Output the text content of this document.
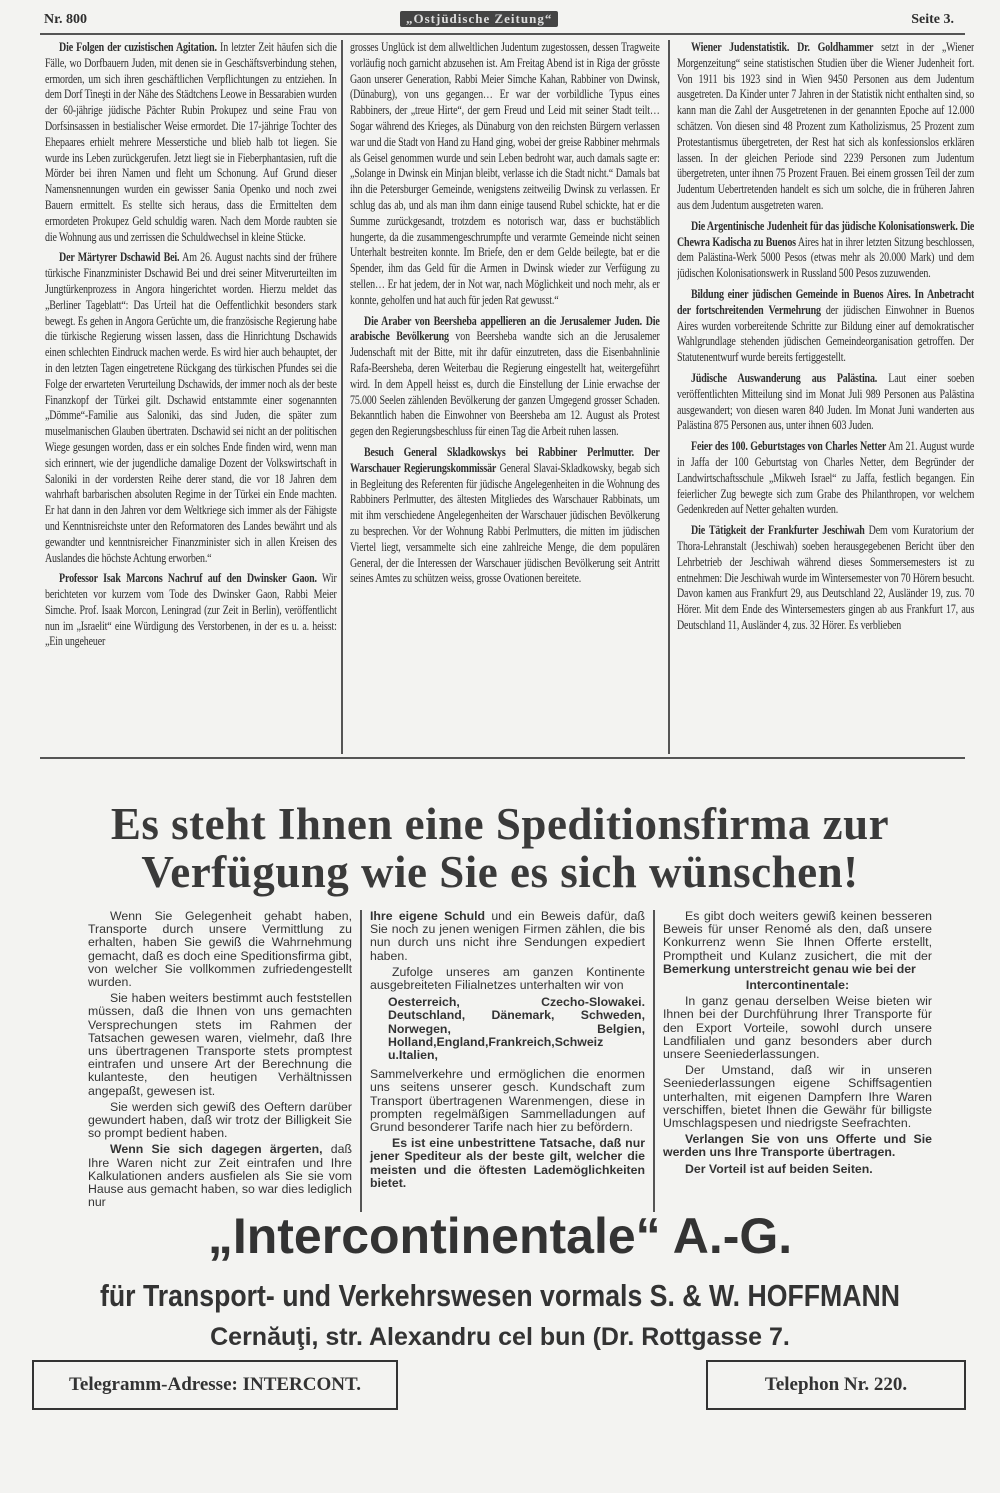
Nr. 800	„Ostjüdische Zeitung“	Seite 3.

Die Folgen der cuzistischen Agitation. In letzter Zeit häufen sich die Fälle, wo Dorfbauern Juden, mit denen sie in Geschäftsverbindung stehen, ermorden, um sich ihren geschäftlichen Verpflichtungen zu entziehen. In dem Dorf Tineşti in der Nähe des Städtchens Leowe in Bessarabien wurden der 60-jährige jüdische Pächter Rubin Prokupez und seine Frau von Dorfsinsassen in bestialischer Weise ermordet. Die 17-jährige Tochter des Ehepaares erhielt mehrere Messerstiche und blieb halb tot liegen. Sie wurde ins Leben zurückgerufen. Jetzt liegt sie in Fieberphantasien, ruft die Mörder bei ihren Namen und fleht um Schonung. Auf Grund dieser Namensnennungen wurden ein gewisser Sania Openko und noch zwei Bauern ermittelt. Es stellte sich heraus, dass die Ermittelten dem ermordeten Prokupez Geld schuldig waren. Nach dem Morde raubten sie die Wohnung aus und zerrissen die Schuldwechsel in kleine Stücke.

Der Märtyrer Dschawid Bei. Am 26. August nachts sind der frühere türkische Finanzminister Dschawid Bei und drei seiner Mitverurteilten im Jungtürkenprozess in Angora hingerichtet worden. Hierzu meldet das „Berliner Tageblatt“: Das Urteil hat die Oeffentlichkit besonders stark bewegt. Es gehen in Angora Gerüchte um, die französische Regierung habe die türkische Regierung wissen lassen, dass die Hinrichtung Dschawids einen schlechten Eindruck machen werde. Es wird hier auch behauptet, der in den letzten Tagen eingetretene Rückgang des türkischen Pfundes sei die Folge der erwarteten Verurteilung Dschawids, der immer noch als der beste Finanzkopf der Türkei gilt. Dschawid entstammte einer sogenannten „Dömme“-Familie aus Saloniki, das sind Juden, die später zum muselmanischen Glauben übertraten. Dschawid sei nicht an der politischen Wiege gesungen worden, dass er ein solches Ende finden wird, wenn man sich erinnert, wie der jugendliche damalige Dozent der Volkswirtschaft in Saloniki in der vordersten Reihe derer stand, die vor 18 Jahren dem wahrhaft barbarischen absoluten Regime in der Türkei ein Ende machten. Er hat dann in den Jahren vor dem Weltkriege sich immer als der Fähigste und Kenntnisreichste unter den Reformatoren des Landes bewährt und als gewandter und kenntnisreicher Finanzminister sich in allen Kreisen des Auslandes die höchste Achtung erworben.“

Professor Isak Marcons Nachruf auf den Dwinsker Gaon. Wir berichteten vor kurzem vom Tode des Dwinsker Gaon, Rabbi Meier Simche. Prof. Isaak Morcon, Leningrad (zur Zeit in Berlin), veröffentlicht nun im „Israelit“ eine Würdigung des Verstorbenen, in der es u. a. heisst: „Ein ungeheuer

grosses Unglück ist dem allweltlichen Judentum zugestossen, dessen Tragweite vorläufig noch garnicht abzusehen ist. Am Freitag Abend ist in Riga der grösste Gaon unserer Generation, Rabbi Meier Simche Kahan, Rabbiner von Dwinsk, (Dünaburg), von uns gegangen… Er war der vorbildliche Typus eines Rabbiners, der „treue Hirte“, der gern Freud und Leid mit seiner Stadt teilt… Sogar während des Krieges, als Dünaburg von den reichsten Bürgern verlassen war und die Stadt von Hand zu Hand ging, wobei der greise Rabbiner mehrmals als Geisel genommen wurde und sein Leben bedroht war, auch damals sagte er: „Solange in Dwinsk ein Minjan bleibt, verlasse ich die Stadt nicht.“ Damals bat ihn die Petersburger Gemeinde, wenigstens zeitweilig Dwinsk zu verlassen. Er schlug das ab, und als man ihm dann einige tausend Rubel schickte, hat er die Summe zurückgesandt, trotzdem es notorisch war, dass er buchstäblich hungerte, da die zusammengeschrumpfte und verarmte Gemeinde nicht seinen Unterhalt bestreiten konnte. Im Briefe, den er dem Gelde beilegte, bat er die Spender, ihm das Geld für die Armen in Dwinsk wieder zur Verfügung zu stellen… Er hat jedem, der in Not war, nach Möglichkeit und noch mehr, als er konnte, geholfen und hat auch für jeden Rat gewusst.“

Die Araber von Beersheba appellieren an die Jerusalemer Juden. Die arabische Bevölkerung von Beersheba wandte sich an die Jerusalemer Judenschaft mit der Bitte, mit ihr dafür einzutreten, dass die Eisenbahnlinie Rafa-Beersheba, deren Weiterbau die Regierung eingestellt hat, weitergeführt wird. In dem Appell heisst es, durch die Einstellung der Linie erwachse der 75.000 Seelen zählenden Bevölkerung der ganzen Umgegend grosser Schaden. Bekanntlich haben die Einwohner von Beersheba am 12. August als Protest gegen den Regierungsbeschluss für einen Tag die Arbeit ruhen lassen.

Besuch General Skladkowskys bei Rabbiner Perlmutter. Der Warschauer Regierungskommissär General Slavai-Skladkowsky, begab sich in Begleitung des Referenten für jüdische Angelegenheiten in die Wohnung des Rabbiners Perlmutter, des ältesten Mitgliedes des Warschauer Rabbinats, um mit ihm verschiedene Angelegenheiten der Warschauer jüdischen Bevölkerung zu besprechen. Vor der Wohnung Rabbi Perlmutters, die mitten im jüdischen Viertel liegt, versammelte sich eine zahlreiche Menge, die dem populären General, der die Interessen der Warschauer jüdischen Bevölkerung seit Antritt seines Amtes zu schützen weiss, grosse Ovationen bereitete.

Wiener Judenstatistik. Dr. Goldhammer setzt in der „Wiener Morgenzeitung“ seine statistischen Studien über die Wiener Judenheit fort. Von 1911 bis 1923 sind in Wien 9450 Personen aus dem Judentum ausgetreten. Da Kinder unter 7 Jahren in der Statistik nicht enthalten sind, so kann man die Zahl der Ausgetretenen in der genannten Epoche auf 12.000 schätzen. Von diesen sind 48 Prozent zum Katholizismus, 25 Prozent zum Protestantismus übergetreten, der Rest hat sich als konfessionslos erklären lassen. In der gleichen Periode sind 2239 Personen zum Judentum übergetreten, unter ihnen 75 Prozent Frauen. Bei einem grossen Teil der zum Judentum Uebertretenden handelt es sich um solche, die in früheren Jahren aus dem Judentum ausgetreten waren.

Die Argentinische Judenheit für das jüdische Kolonisationswerk. Die Chewra Kadischa zu Buenos Aires hat in ihrer letzten Sitzung beschlossen, dem Palästina-Werk 5000 Pesos (etwas mehr als 20.000 Mark) und dem jüdischen Kolonisationswerk in Russland 500 Pesos zuzuwenden.

Bildung einer jüdischen Gemeinde in Buenos Aires. In Anbetracht der fortschreitenden Vermehrung der jüdischen Einwohner in Buenos Aires wurden vorbereitende Schritte zur Bildung einer auf demokratischer Wahlgrundlage stehenden jüdischen Gemeindeorganisation getroffen. Der Statutenentwurf wurde bereits fertiggestellt.

Jüdische Auswanderung aus Palästina. Laut einer soeben veröffentlichten Mitteilung sind im Monat Juli 989 Personen aus Palästina ausgewandert; von diesen waren 840 Juden. Im Monat Juni wanderten aus Palästina 875 Personen aus, unter ihnen 603 Juden.

Feier des 100. Geburtstages von Charles Netter Am 21. August wurde in Jaffa der 100 Geburtstag von Charles Netter, dem Begründer der Landwirtschaftsschule „Mikweh Israel“ zu Jaffa, festlich begangen. Ein feierlicher Zug bewegte sich zum Grabe des Philanthropen, vor welchem Gedenkreden auf Netter gehalten wurden.

Die Tätigkeit der Frankfurter Jeschiwah Dem vom Kuratorium der Thora-Lehranstalt (Jeschiwah) soeben herausgegebenen Bericht über den Lehrbetrieb der Jeschiwah während dieses Sommersemesters ist zu entnehmen: Die Jeschiwah wurde im Wintersemester von 70 Hörern besucht. Davon kamen aus Frankfurt 29, aus Deutschland 22, Ausländer 19, zus. 70 Hörer. Mit dem Ende des Wintersemesters gingen ab aus Frankfurt 17, aus Deutschland 11, Ausländer 4, zus. 32 Hörer. Es verblieben

Es steht Ihnen eine Speditionsfirma zur
Verfügung wie Sie es sich wünschen!

Wenn Sie Gelegenheit gehabt haben, Transporte durch unsere Vermittlung zu erhalten, haben Sie gewiß die Wahrnehmung gemacht, daß es doch eine Speditionsfirma gibt, von welcher Sie vollkommen zufriedengestellt wurden.

Sie haben weiters bestimmt auch feststellen müssen, daß die Ihnen von uns gemachten Versprechungen stets im Rahmen der Tatsachen gewesen waren, vielmehr, daß Ihre uns übertragenen Transporte stets promptest eintrafen und unsere Art der Berechnung die kulanteste, den heutigen Verhältnissen angepaßt, gewesen ist.

Sie werden sich gewiß des Oeftern darüber gewundert haben, daß wir trotz der Billigkeit Sie so prompt bedient haben.

Wenn Sie sich dagegen ärgerten, daß Ihre Waren nicht zur Zeit eintrafen und Ihre Kalkulationen anders ausfielen als Sie sie vom Hause aus gemacht haben, so war dies lediglich nur

Ihre eigene Schuld und ein Beweis dafür, daß Sie noch zu jenen wenigen Firmen zählen, die bis nun durch uns nicht ihre Sendungen expediert haben.

Zufolge unseres am ganzen Kontinente ausgebreiteten Filialnetzes unterhalten wir von

Oesterreich, Czecho-Slowakei. Deutschland, Dänemark, Schweden, Norwegen, Belgien, Holland,England,Frankreich,Schweiz u.Italien,

Sammelverkehre und ermöglichen die enormen uns seitens unserer gesch. Kundschaft zum Transport übertragenen Warenmengen, diese in prompten regelmäßigen Sammelladungen auf Grund besonderer Tarife nach hier zu befördern.

Es ist eine unbestrittene Tatsache, daß nur jener Spediteur als der beste gilt, welcher die meisten und die öftesten Lademöglichkeiten bietet.

Es gibt doch weiters gewiß keinen besseren Beweis für unser Renomé als den, daß unsere Konkurrenz wenn Sie Ihnen Offerte erstellt, Promptheit und Kulanz zusichert, die mit der Bemerkung unterstreicht genau wie bei der

Intercontinentale:

In ganz genau derselben Weise bieten wir Ihnen bei der Durchführung Ihrer Transporte für den Export Vorteile, sowohl durch unsere Landfilialen und ganz besonders aber durch unsere Seeniederlassungen.

Der Umstand, daß wir in unseren Seeniederlassungen eigene Schiffsagentien unterhalten, mit eigenen Dampfern Ihre Waren verschiffen, bietet Ihnen die Gewähr für billigste Umschlagspesen und niedrigste Seefrachten.

Verlangen Sie von uns Offerte und Sie werden uns Ihre Transporte übertragen.

Der Vorteil ist auf beiden Seiten.

„Intercontinentale“ A.-G.
für Transport- und Verkehrswesen vormals S. & W. HOFFMANN
Cernăuţi, str. Alexandru cel bun (Dr. Rottgasse 7.
Telegramm-Adresse: INTERCONT.	Telephon Nr. 220.
